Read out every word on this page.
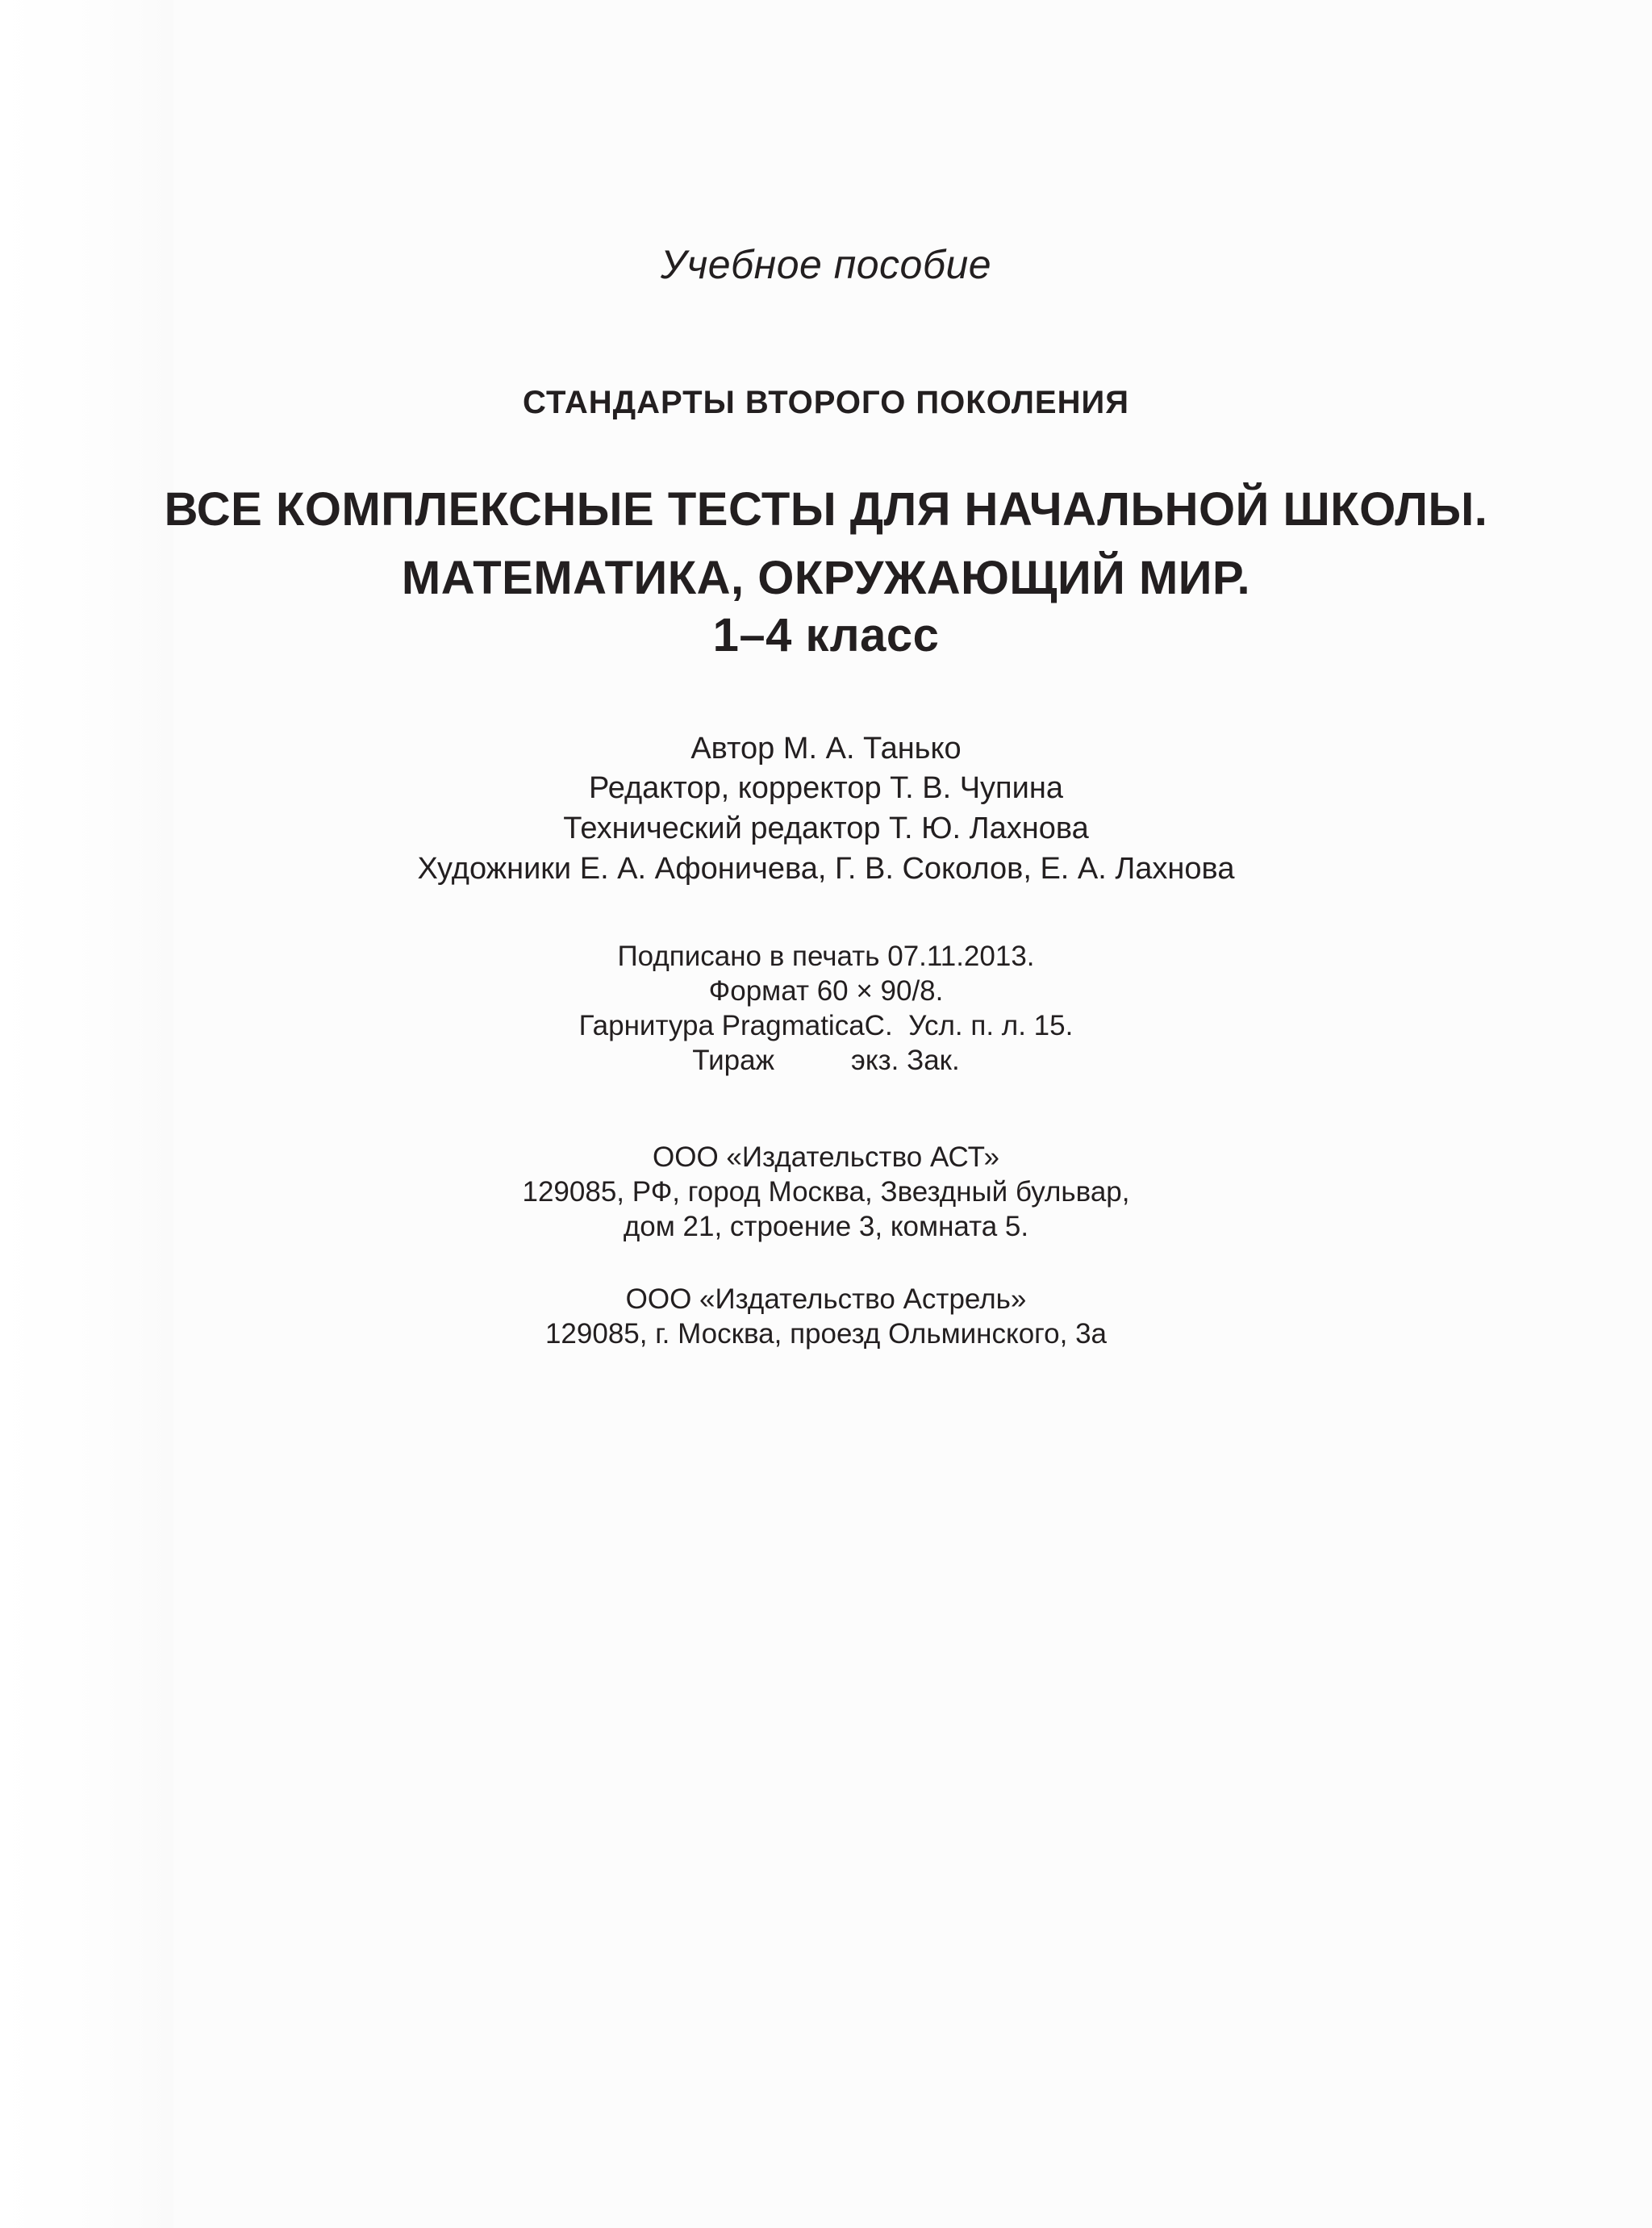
Учебное пособие

СТАНДАРТЫ ВТОРОГО ПОКОЛЕНИЯ

ВСЕ КОМПЛЕКСНЫЕ ТЕСТЫ ДЛЯ НАЧАЛЬНОЙ ШКОЛЫ.

МАТЕМАТИКА, ОКРУЖАЮЩИЙ МИР.

1–4 класс

Автор М. А. Танько

Редактор, корректор Т. В. Чупина

Технический редактор Т. Ю. Лахнова

Художники Е. А. Афоничева, Г. В. Соколов, Е. А. Лахнова

Подписано в печать 07.11.2013.

Формат 60 × 90/8.

Гарнитура PragmaticaC.  Усл. п. л. 15.

Тираж	экз. Зак.

ООО «Издательство АСТ»

129085, РФ, город Москва, Звездный бульвар,

дом 21, строение 3, комната 5.

ООО «Издательство Астрель»

129085, г. Москва, проезд Ольминского, 3а
